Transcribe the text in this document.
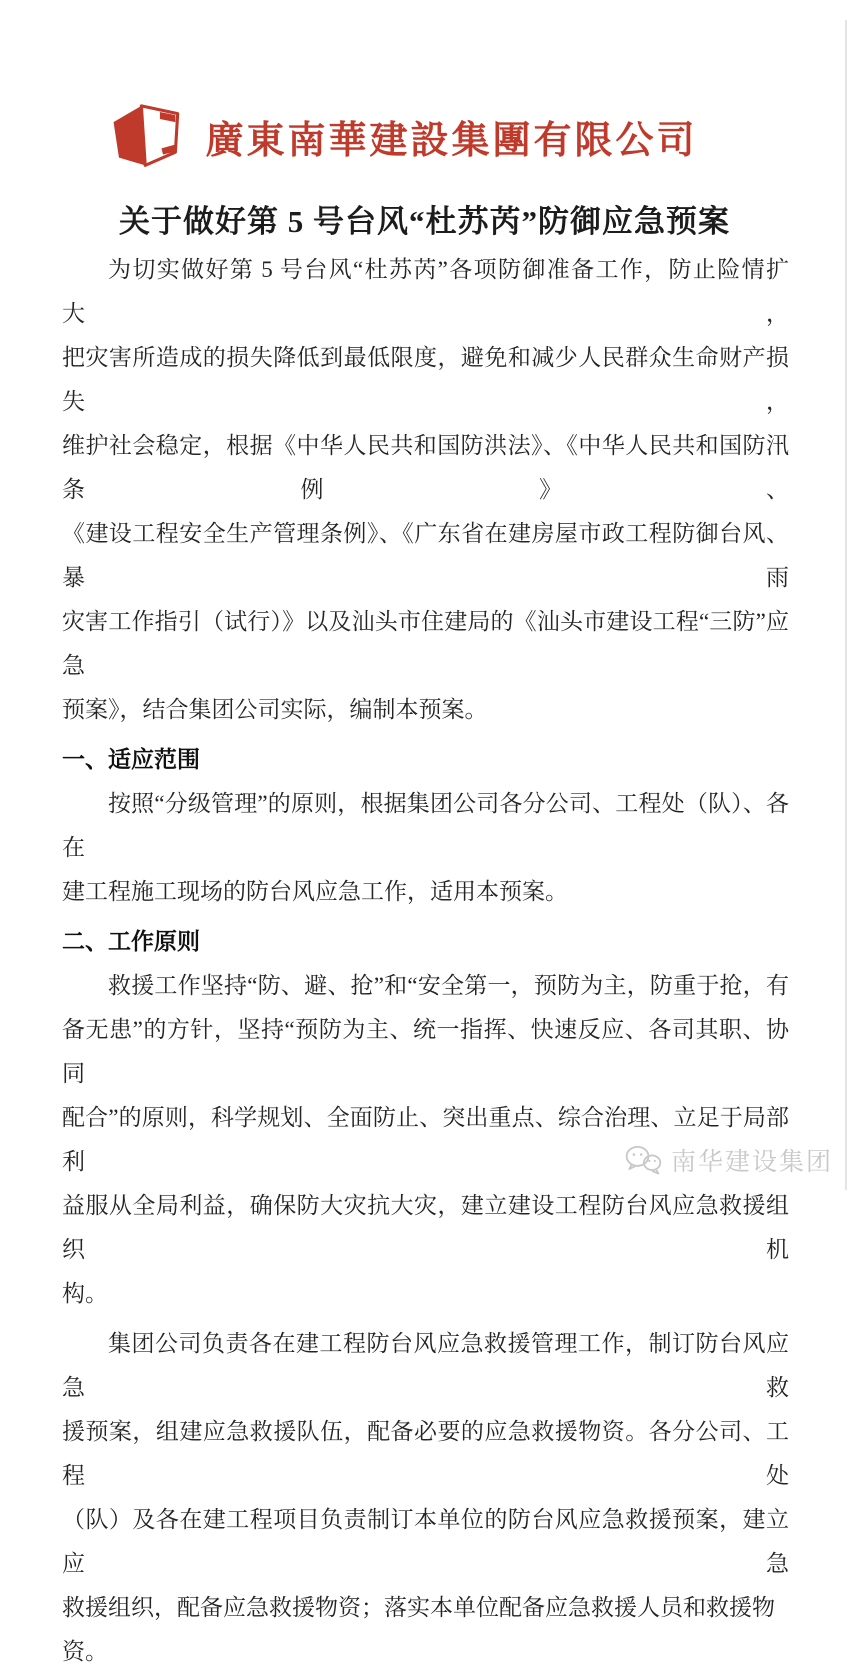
廣東南華建設集團有限公司
关于做好第 5 号台风“杜苏芮”防御应急预案
为切实做好第 5 号台风“杜苏芮”各项防御准备工作，防止险情扩大，
把灾害所造成的损失降低到最低限度，避免和减少人民群众生命财产损失，
维护社会稳定，根据《中华人民共和国防洪法》、《中华人民共和国防汛条例》、
《建设工程安全生产管理条例》、《广东省在建房屋市政工程防御台风、暴雨
灾害工作指引（试行）》以及汕头市住建局的《汕头市建设工程“三防”应急
预案》，结合集团公司实际，编制本预案。
一、适应范围
按照“分级管理”的原则，根据集团公司各分公司、工程处（队）、各在
建工程施工现场的防台风应急工作，适用本预案。
二、工作原则
救援工作坚持“防、避、抢”和“安全第一，预防为主，防重于抢，有
备无患”的方针，坚持“预防为主、统一指挥、快速反应、各司其职、协同
配合”的原则，科学规划、全面防止、突出重点、综合治理、立足于局部利
益服从全局利益，确保防大灾抗大灾，建立建设工程防台风应急救援组织机
构。
集团公司负责各在建工程防台风应急救援管理工作，制订防台风应急救
援预案，组建应急救援队伍，配备必要的应急救援物资。各分公司、工程处
（队）及各在建工程项目负责制订本单位的防台风应急救援预案，建立应急
救援组织，配备应急救援物资；落实本单位配备应急救援人员和救援物资。
南华建设集团
